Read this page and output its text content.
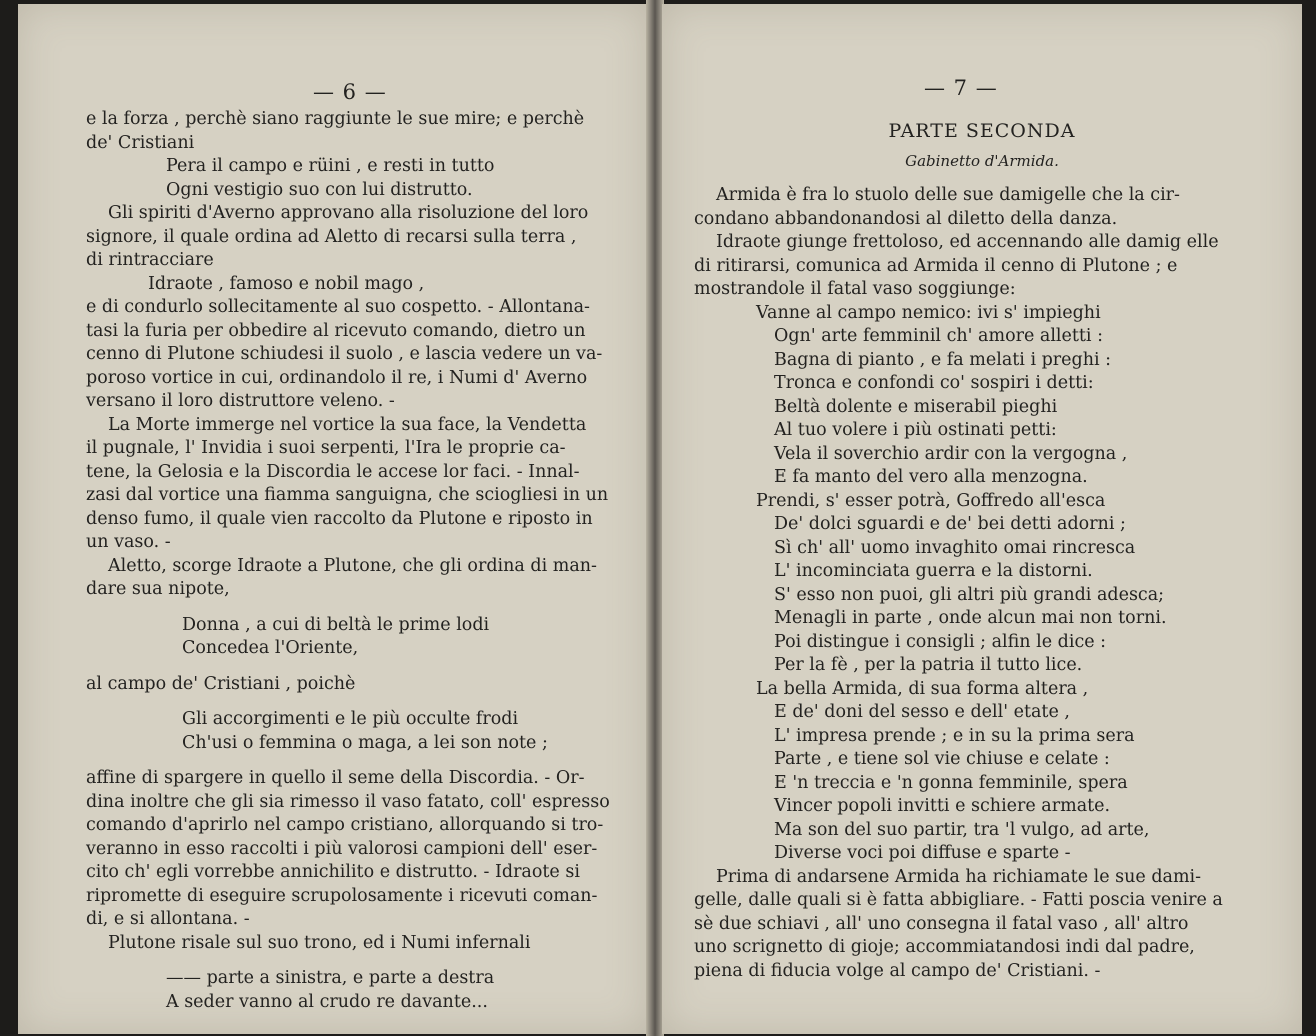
— 6 —
e la forza , perchè siano raggiunte le sue mire; e perchè
de' Cristiani
Pera il campo e rüini , e resti in tutto
Ogni vestigio suo con lui distrutto.
Gli spiriti d'Averno approvano alla risoluzione del loro
signore, il quale ordina ad Aletto di recarsi sulla terra ,
di rintracciare
Idraote , famoso e nobil mago ,
e di condurlo sollecitamente al suo cospetto. - Allontana-
tasi la furia per obbedire al ricevuto comando, dietro un
cenno di Plutone schiudesi il suolo , e lascia vedere un va-
poroso vortice in cui, ordinandolo il re, i Numi d' Averno
versano il loro distruttore veleno. -
La Morte immerge nel vortice la sua face, la Vendetta
il pugnale, l' Invidia i suoi serpenti, l'Ira le proprie ca-
tene, la Gelosia e la Discordia le accese lor faci. - Innal-
zasi dal vortice una fiamma sanguigna, che sciogliesi in un
denso fumo, il quale vien raccolto da Plutone e riposto in
un vaso. -
Aletto, scorge Idraote a Plutone, che gli ordina di man-
dare sua nipote,
Donna , a cui di beltà le prime lodi
Concedea l'Oriente,
al campo de' Cristiani , poichè
Gli accorgimenti e le più occulte frodi
Ch'usi o femmina o maga, a lei son note ;
affine di spargere in quello il seme della Discordia. - Or-
dina inoltre che gli sia rimesso il vaso fatato, coll' espresso
comando d'aprirlo nel campo cristiano, allorquando si tro-
veranno in esso raccolti i più valorosi campioni dell' eser-
cito ch' egli vorrebbe annichilito e distrutto. - Idraote si
ripromette di eseguire scrupolosamente i ricevuti coman-
di, e si allontana. -
Plutone risale sul suo trono, ed i Numi infernali
—— parte a sinistra, e parte a destra
A seder vanno al crudo re davante...
— 7 —
PARTE SECONDA
Gabinetto d'Armida.
Armida è fra lo stuolo delle sue damigelle che la cir-
condano abbandonandosi al diletto della danza.
Idraote giunge frettoloso, ed accennando alle damig elle
di ritirarsi, comunica ad Armida il cenno di Plutone ; e
mostrandole il fatal vaso soggiunge:
Vanne al campo nemico: ivi s' impieghi
Ogn' arte femminil ch' amore alletti :
Bagna di pianto , e fa melati i preghi :
Tronca e confondi co' sospiri i detti:
Beltà dolente e miserabil pieghi
Al tuo volere i più ostinati petti:
Vela il soverchio ardir con la vergogna ,
E fa manto del vero alla menzogna.
Prendi, s' esser potrà, Goffredo all'esca
De' dolci sguardi e de' bei detti adorni ;
Sì ch' all' uomo invaghito omai rincresca
L' incominciata guerra e la distorni.
S' esso non puoi, gli altri più grandi adesca;
Menagli in parte , onde alcun mai non torni.
Poi distingue i consigli ; alfin le dice :
Per la fè , per la patria il tutto lice.
La bella Armida, di sua forma altera ,
E de' doni del sesso e dell' etate ,
L' impresa prende ; e in su la prima sera
Parte , e tiene sol vie chiuse e celate :
E 'n treccia e 'n gonna femminile, spera
Vincer popoli invitti e schiere armate.
Ma son del suo partir, tra 'l vulgo, ad arte,
Diverse voci poi diffuse e sparte -
Prima di andarsene Armida ha richiamate le sue dami-
gelle, dalle quali si è fatta abbigliare. - Fatti poscia venire a
sè due schiavi , all' uno consegna il fatal vaso , all' altro
uno scrignetto di gioje; accommiatandosi indi dal padre,
piena di fiducia volge al campo de' Cristiani. -
